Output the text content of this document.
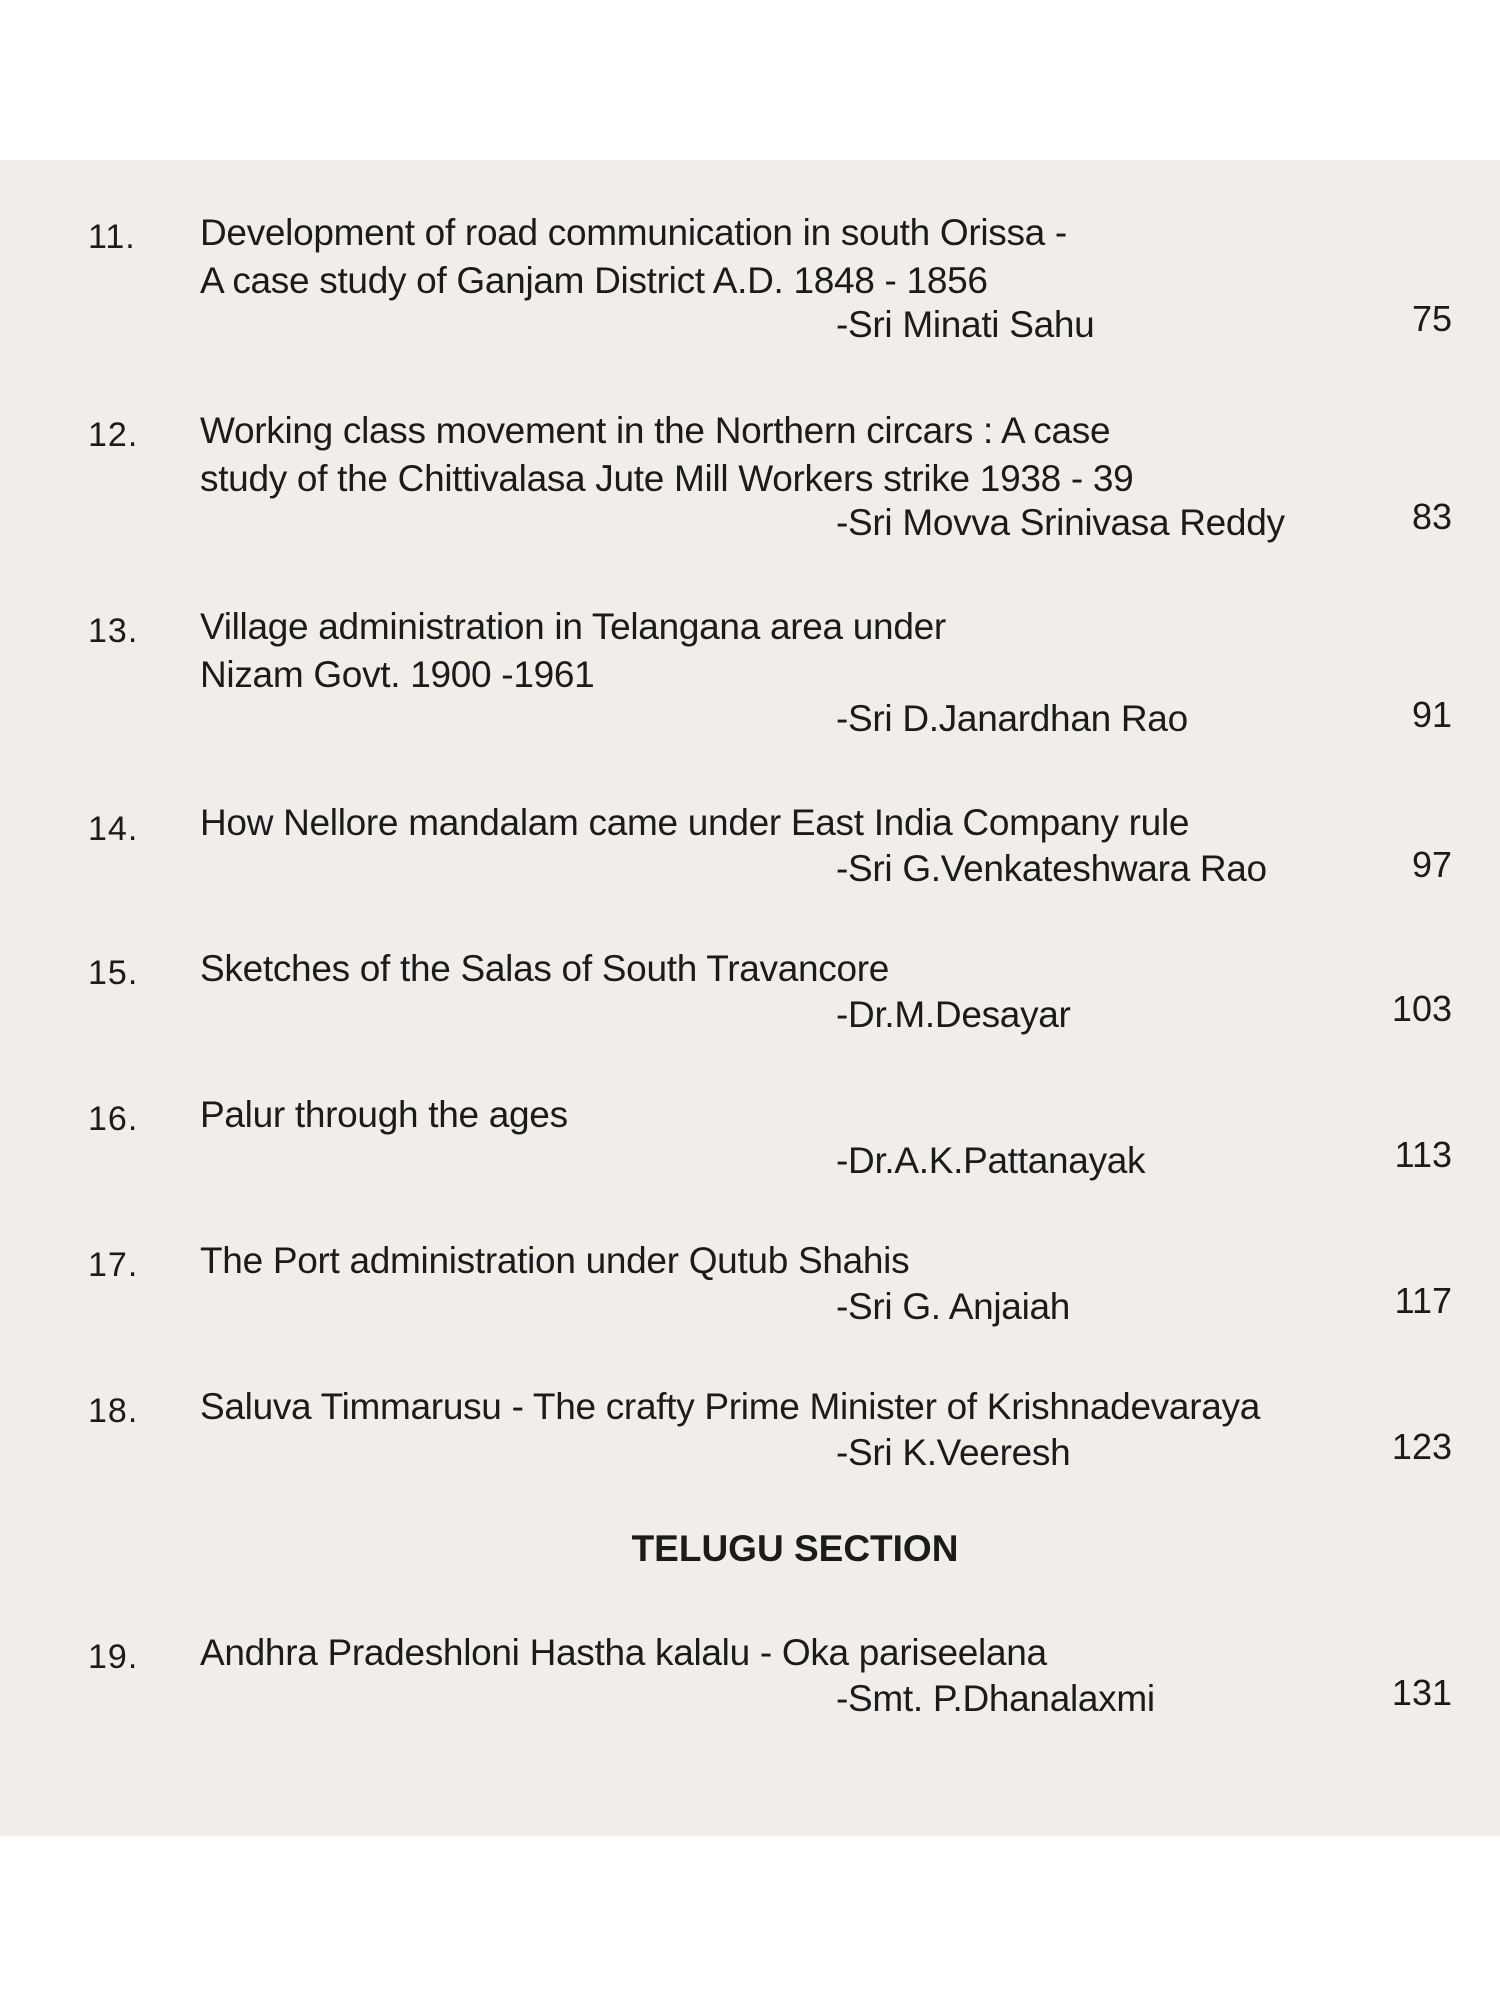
11. Development of road communication in south Orissa -
A case study of Ganjam District A.D. 1848 - 1856
-Sri Minati Sahu	75
12. Working class movement in the Northern circars : A case
study of the Chittivalasa Jute Mill Workers strike 1938 - 39
-Sri Movva Srinivasa Reddy	83
13. Village administration in Telangana area under
Nizam Govt. 1900 -1961
-Sri D.Janardhan Rao	91
14. How Nellore mandalam came under East India Company rule
-Sri G.Venkateshwara Rao	97
15. Sketches of the Salas of South Travancore
-Dr.M.Desayar	103
16. Palur through the ages
-Dr.A.K.Pattanayak	113
17. The Port administration under Qutub Shahis
-Sri G. Anjaiah	117
18. Saluva Timmarusu - The crafty Prime Minister of Krishnadevaraya
-Sri K.Veeresh	123
TELUGU SECTION
19. Andhra Pradeshloni Hastha kalalu - Oka pariseelana
-Smt. P.Dhanalaxmi	131
